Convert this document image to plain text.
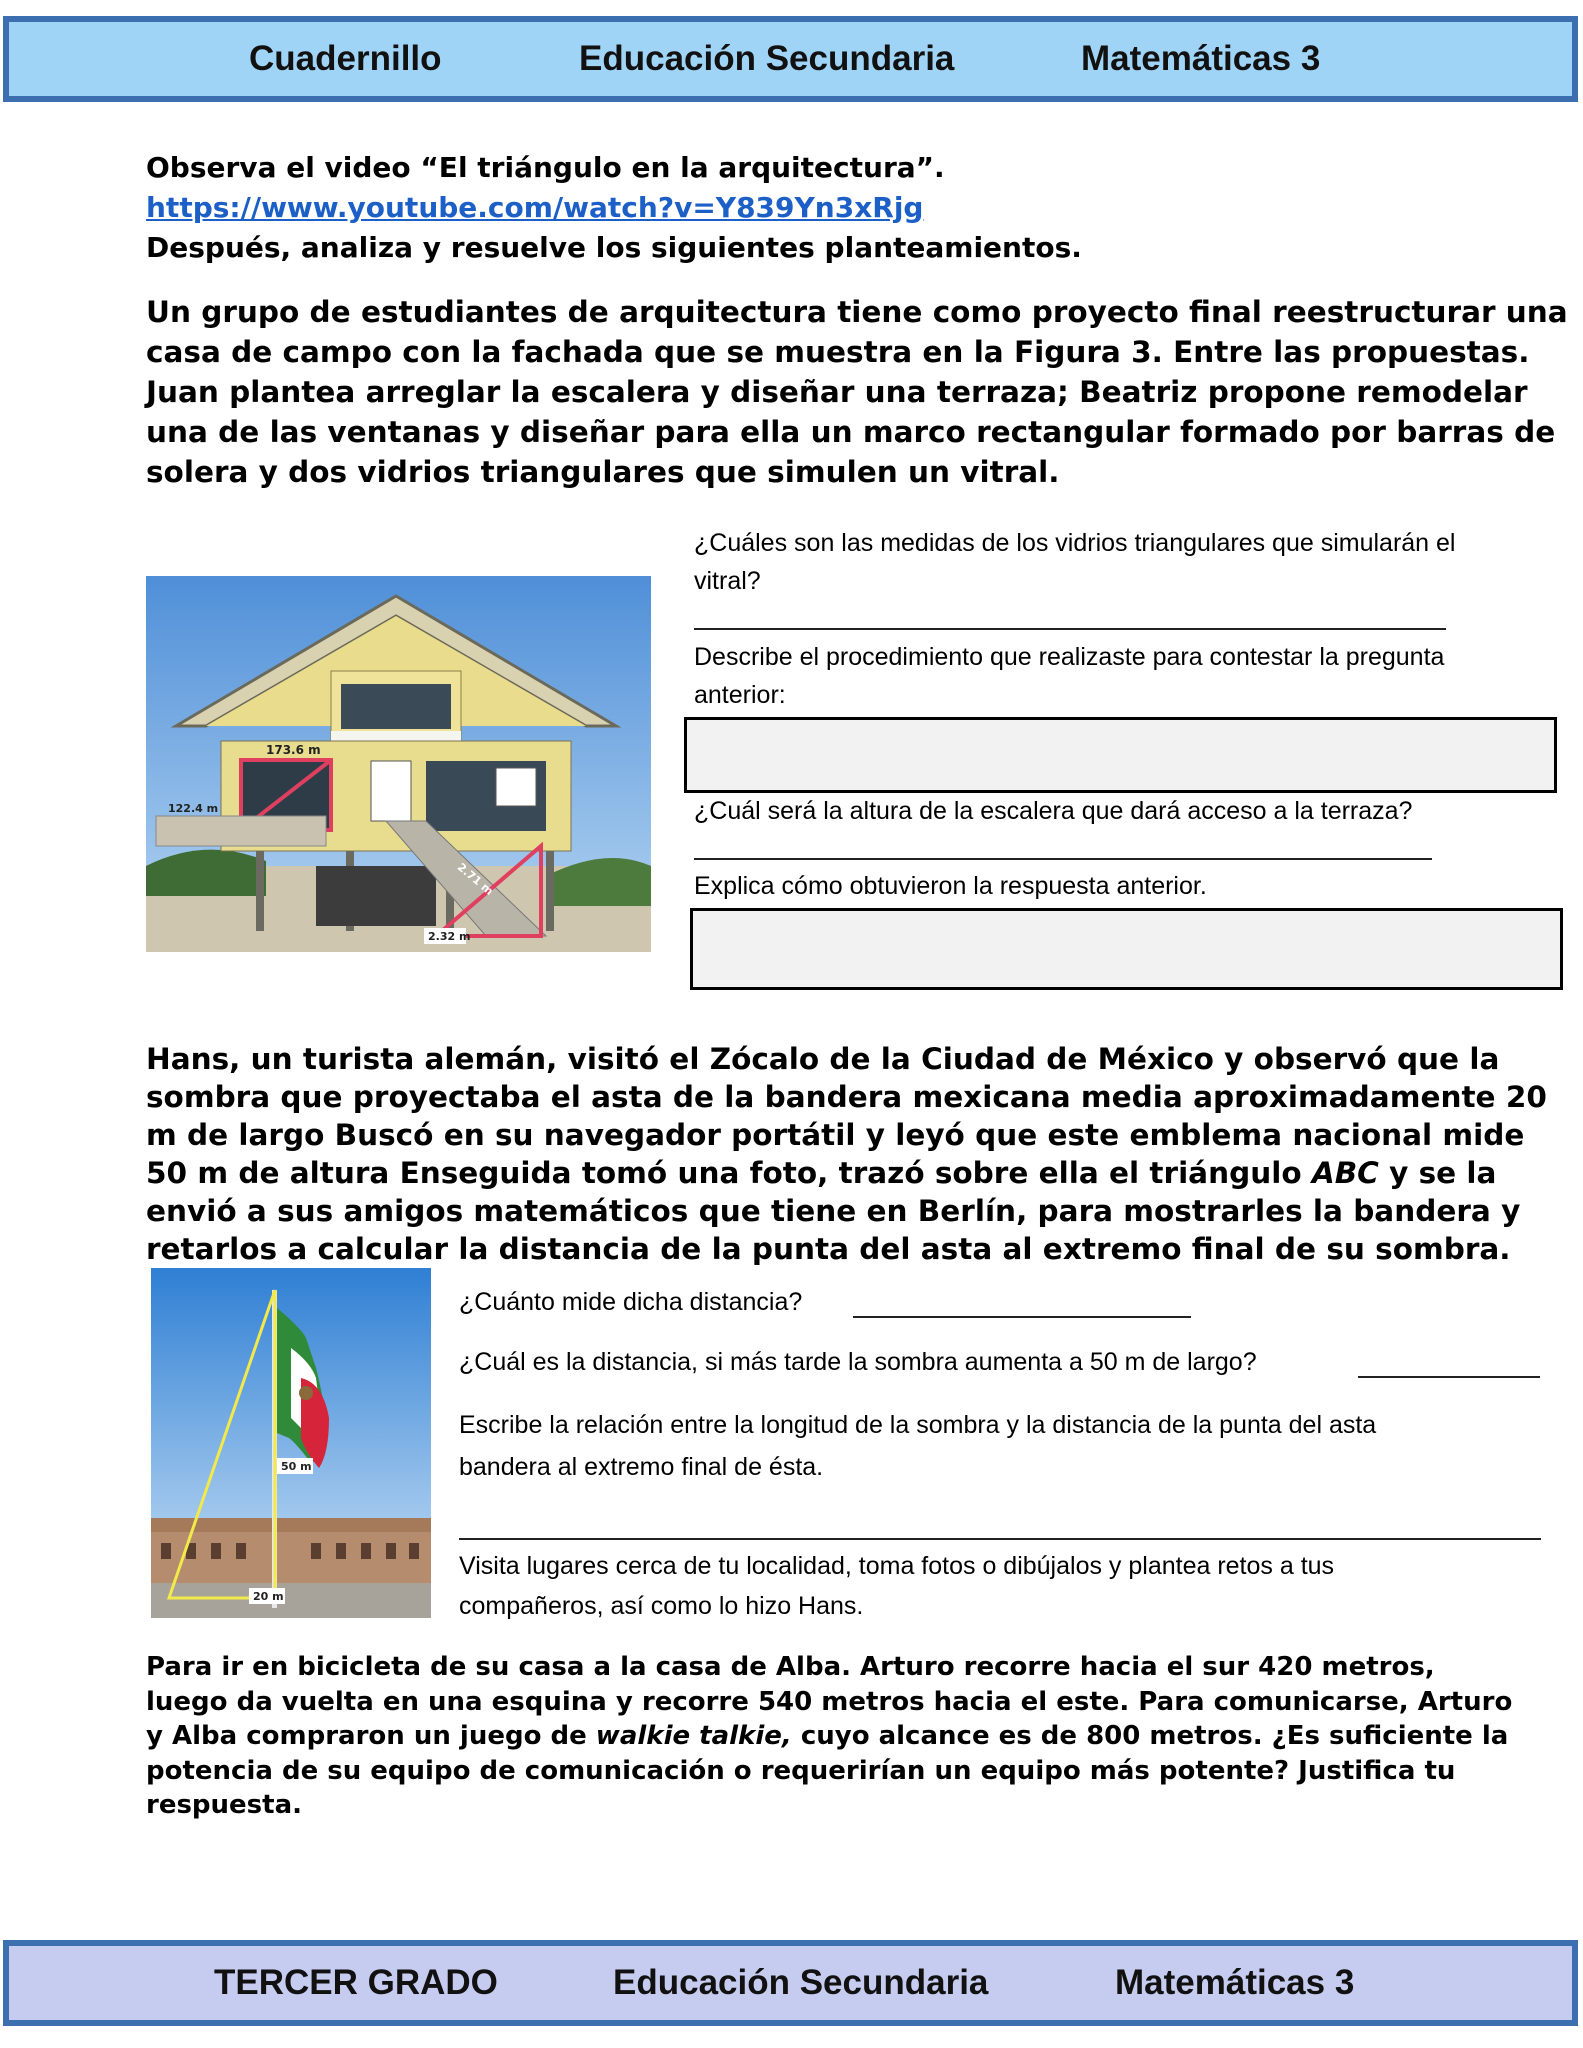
Cuadernillo	Educación Secundaria	Matemáticas 3
Observa el video “El triángulo en la arquitectura”.
https://www.youtube.com/watch?v=Y839Yn3xRjg
Después, analiza y resuelve los siguientes planteamientos.
Un grupo de estudiantes de arquitectura tiene como proyecto final reestructurar una
casa de campo con la fachada que se muestra en la Figura 3. Entre las propuestas.
Juan plantea arreglar la escalera y diseñar una terraza; Beatriz propone remodelar
una de las ventanas y diseñar para ella un marco rectangular formado por barras de
solera y dos vidrios triangulares que simulen un vitral.
173.6 m
122.4 m
2.71 m
2.32 m
¿Cuáles son las medidas de los vidrios triangulares que simularán el
vitral?
Describe el procedimiento que realizaste para contestar la pregunta
anterior:
¿Cuál será la altura de la escalera que dará acceso a la terraza?
Explica cómo obtuvieron la respuesta anterior.
Hans, un turista alemán, visitó el Zócalo de la Ciudad de México y observó que la
sombra que proyectaba el asta de la bandera mexicana media aproximadamente 20
m de largo Buscó en su navegador portátil y leyó que este emblema nacional mide
50 m de altura Enseguida tomó una foto, trazó sobre ella el triángulo ABC y se la
envió a sus amigos matemáticos que tiene en Berlín, para mostrarles la bandera y
retarlos a calcular la distancia de la punta del asta al extremo final de su sombra.
50 m
20 m
¿Cuánto mide dicha distancia?
¿Cuál es la distancia, si más tarde la sombra aumenta a 50 m de largo?
Escribe la relación entre la longitud de la sombra y la distancia de la punta del asta
bandera al extremo final de ésta.
Visita lugares cerca de tu localidad, toma fotos o dibújalos y plantea retos a tus
compañeros, así como lo hizo Hans.
Para ir en bicicleta de su casa a la casa de Alba. Arturo recorre hacia el sur 420 metros,
luego da vuelta en una esquina y recorre 540 metros hacia el este. Para comunicarse, Arturo
y Alba compraron un juego de walkie talkie, cuyo alcance es de 800 metros. ¿Es suficiente la
potencia de su equipo de comunicación o requerirían un equipo más potente? Justifica tu
respuesta.
TERCER GRADO	Educación Secundaria	Matemáticas 3
